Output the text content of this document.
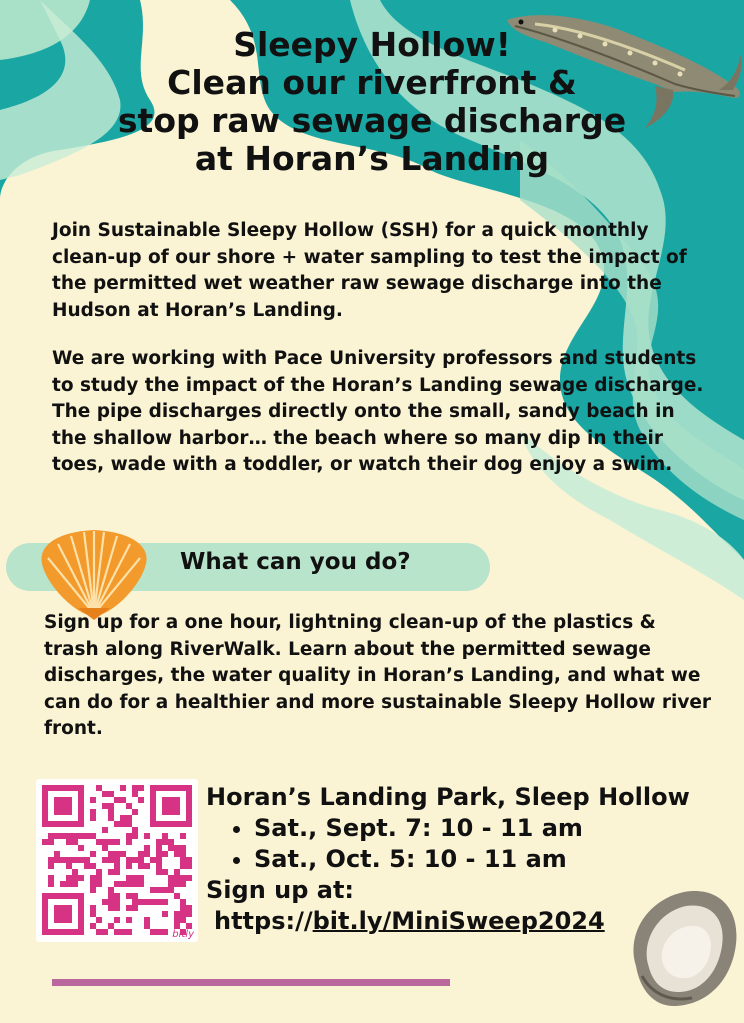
Sleepy Hollow!
Clean our riverfront &
stop raw sewage discharge
at Horan’s Landing

Join Sustainable Sleepy Hollow (SSH) for a quick monthly clean-up of our shore + water sampling to test the impact of the permitted wet weather raw sewage discharge into the Hudson at Horan’s Landing.

We are working with Pace University professors and students to study the impact of the Horan’s Landing sewage discharge. The pipe discharges directly onto the small, sandy beach in the shallow harbor… the beach where so many dip in their toes, wade with a toddler, or watch their dog enjoy a swim.

What can you do?

Sign up for a one hour, lightning clean-up of the plastics & trash along RiverWalk. Learn about the permitted sewage discharges, the water quality in Horan’s Landing, and what we can do for a healthier and more sustainable Sleepy Hollow river front.

bitly
Horan’s Landing Park, Sleep Hollow
• Sat., Sept. 7: 10 - 11 am
• Sat., Oct. 5: 10 - 11 am
Sign up at:
https://bit.ly/MiniSweep2024
